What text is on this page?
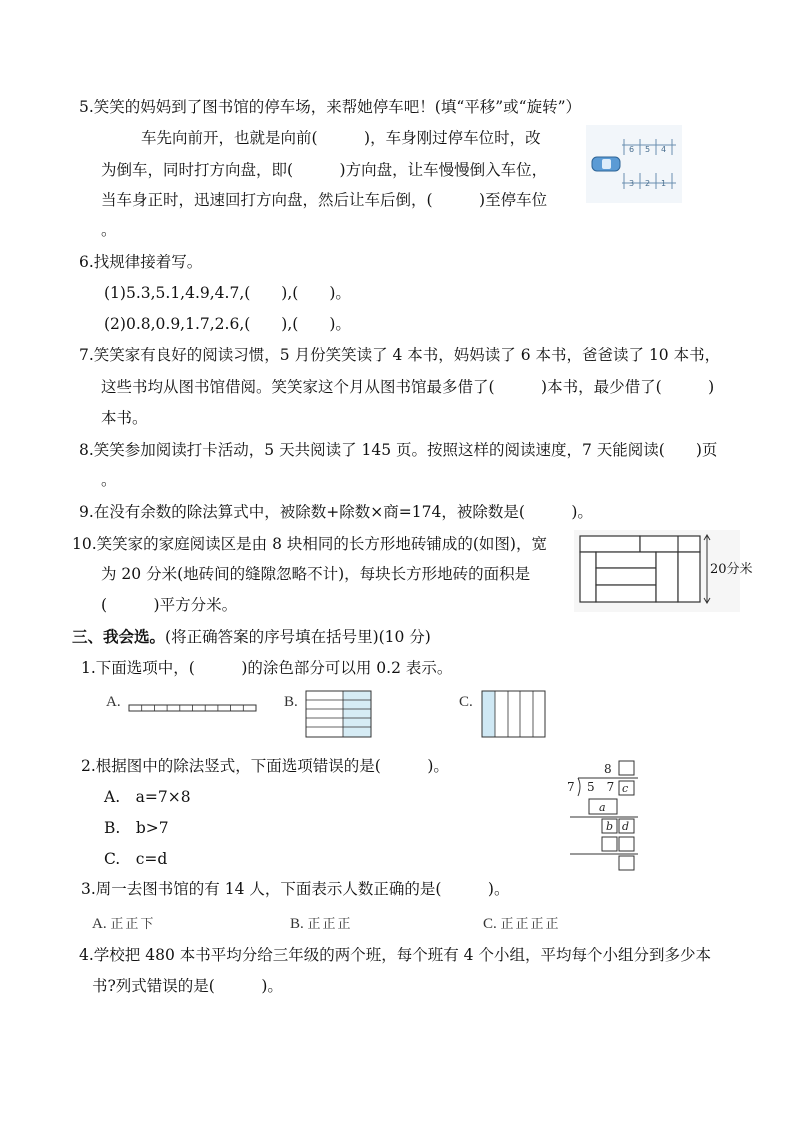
5.笑笑的妈妈到了图书馆的停车场，来帮她停车吧！(填“平移”或“旋转”）
车先向前开，也就是向前(　　　)，车身刚过停车位时，改
为倒车，同时打方向盘，即(　　　)方向盘，让车慢慢倒入车位，
当车身正时，迅速回打方向盘，然后让车后倒，(　　　)至停车位
。
6 5 4
3 2 1
6.找规律接着写。
(1)5.3,5.1,4.9,4.7,(　　),(　　)。
(2)0.8,0.9,1.7,2.6,(　　),(　　)。
7.笑笑家有良好的阅读习惯，5 月份笑笑读了 4 本书，妈妈读了 6 本书，爸爸读了 10 本书，
这些书均从图书馆借阅。笑笑家这个月从图书馆最多借了(　　　)本书，最少借了(　　　)
本书。
8.笑笑参加阅读打卡活动，5 天共阅读了 145 页。按照这样的阅读速度，7 天能阅读(　　)页
。
9.在没有余数的除法算式中，被除数+除数×商=174，被除数是(　　　)。
10.笑笑家的家庭阅读区是由 8 块相同的长方形地砖铺成的(如图)，宽
为 20 分米(地砖间的缝隙忽略不计)，每块长方形地砖的面积是
(　　　)平方分米。
20分米
三、我会选。(将正确答案的序号填在括号里)(10 分)
1.下面选项中，(　　　)的涂色部分可以用 0.2 表示。
A.	B.	C.
2.根据图中的除法竖式，下面选项错误的是(　　　)。
A.　a=7×8
B.　b>7
C.　c=d
8
7 5　7 c
a
b d
3.周一去图书馆的有 14 人，下面表示人数正确的是(　　　)。
A. 正正下	B. 正正正	C. 正正正正
4.学校把 480 本书平均分给三年级的两个班，每个班有 4 个小组，平均每个小组分到多少本
书?列式错误的是(　　　)。
